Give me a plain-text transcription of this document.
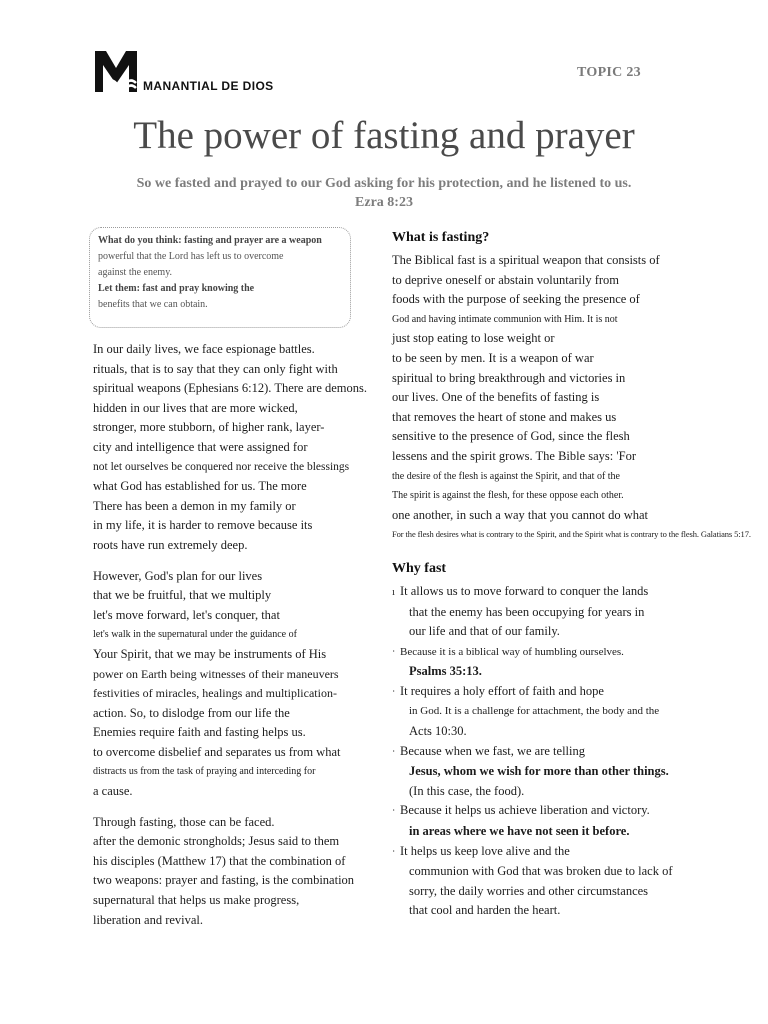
MANANTIAL DE DIOS
TOPIC 23
The power of fasting and prayer
So we fasted and prayed to our God asking for his protection, and he listened to us.
Ezra 8:23
What do you think: fasting and prayer are a weapon
powerful that the Lord has left us to overcome
against the enemy.
Let them: fast and pray knowing the
benefits that we can obtain.
In our daily lives, we face espionage battles.
rituals, that is to say that they can only fight with
spiritual weapons (Ephesians 6:12). There are demons.
hidden in our lives that are more wicked,
stronger, more stubborn, of higher rank, layer-
city and intelligence that were assigned for
not let ourselves be conquered nor receive the blessings
what God has established for us. The more
There has been a demon in my family or
in my life, it is harder to remove because its
roots have run extremely deep.
However, God's plan for our lives
that we be fruitful, that we multiply
let's move forward, let's conquer, that
let's walk in the supernatural under the guidance of
Your Spirit, that we may be instruments of His
power on Earth being witnesses of their maneuvers
festivities of miracles, healings and multiplication-
action. So, to dislodge from our life the
Enemies require faith and fasting helps us.
to overcome disbelief and separates us from what
distracts us from the task of praying and interceding for
a cause.
Through fasting, those can be faced.
after the demonic strongholds; Jesus said to them
his disciples (Matthew 17) that the combination of
two weapons: prayer and fasting, is the combination
supernatural that helps us make progress,
liberation and revival.
What is fasting?
The Biblical fast is a spiritual weapon that consists of
to deprive oneself or abstain voluntarily from
foods with the purpose of seeking the presence of
God and having intimate communion with Him. It is not
just stop eating to lose weight or
to be seen by men. It is a weapon of war
spiritual to bring breakthrough and victories in
our lives. One of the benefits of fasting is
that removes the heart of stone and makes us
sensitive to the presence of God, since the flesh
lessens and the spirit grows. The Bible says: 'For
the desire of the flesh is against the Spirit, and that of the
The spirit is against the flesh, for these oppose each other.
one another, in such a way that you cannot do what
For the flesh desires what is contrary to the Spirit, and the Spirit what is contrary to the flesh. Galatians 5:17.
Why fast
ı It allows us to move forward to conquer the lands
that the enemy has been occupying for years in
our life and that of our family.
ᐧ Because it is a biblical way of humbling ourselves.
Psalms 35:13.
ᐧ It requires a holy effort of faith and hope
in God. It is a challenge for attachment, the body and the
Acts 10:30.
ᐧ Because when we fast, we are telling
Jesus, whom we wish for more than other things.
(In this case, the food).
ᐧ Because it helps us achieve liberation and victory.
in areas where we have not seen it before.
ᐧ It helps us keep love alive and the
communion with God that was broken due to lack of
sorry, the daily worries and other circumstances
that cool and harden the heart.
